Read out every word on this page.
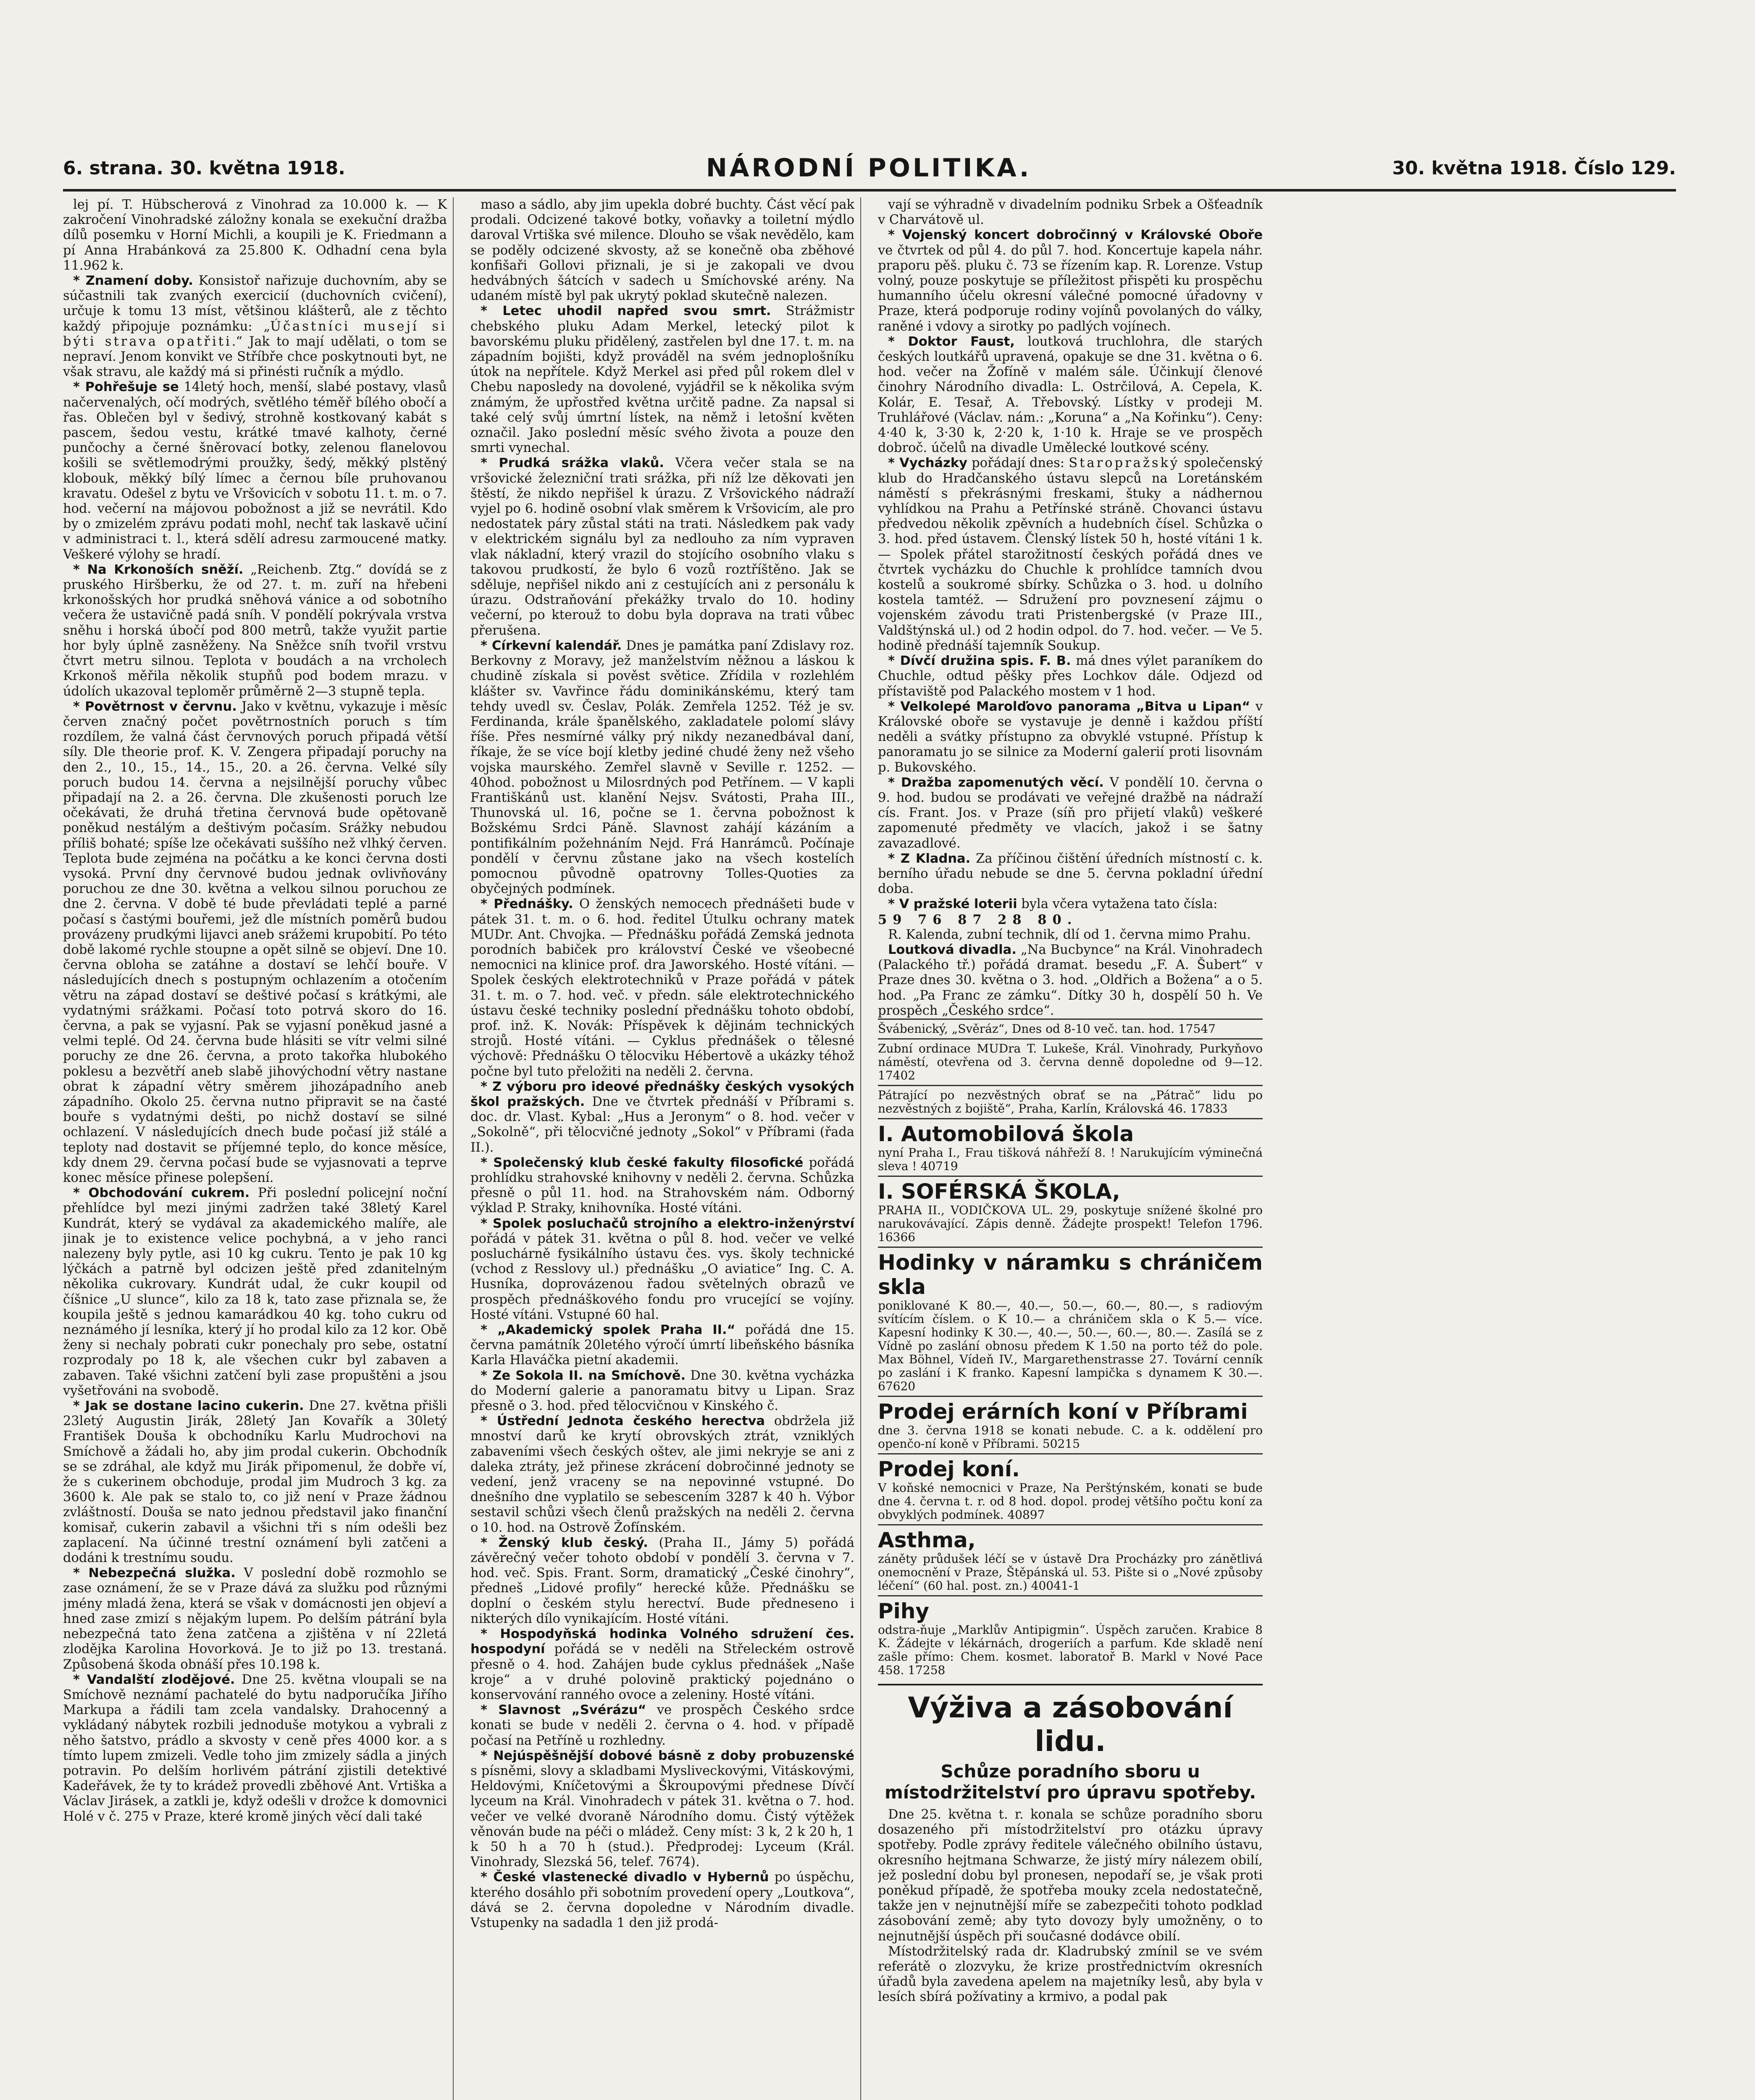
6. strana. 30. května 1918.	NÁRODNÍ POLITIKA.	30. května 1918. Číslo 129.

lej pí. T. Hübscherová z Vinohrad za 10.000 k. — K zakročení Vinohradské záložny konala se exekuční dražba dílů posemku v Horní Michli, a koupili je K. Friedmann a pí Anna Hrabánková za 25.800 K. Odhadní cena byla 11.962 k.

* Znamení doby. Konsistoř nařizuje duchovním, aby se súčastnili tak zvaných exercicií (duchovních cvičení), určuje k tomu 13 míst, většinou klášterů, ale z těchto každý připojuje poznámku: „Účastníci musejí si býti strava opatřiti.“ Jak to mají udělati, o tom se nepraví. Jenom konvikt ve Stříbře chce poskytnouti byt, ne však stravu, ale každý má si přinésti ručník a mýdlo.

* Pohřešuje se 14letý hoch, menší, slabé postavy, vlasů načervenalých, očí modrých, světlého téměř bílého obočí a řas. Oblečen byl v šedivý, strohně kostkovaný kabát s pascem, šedou vestu, krátké tmavé kalhoty, černé punčochy a černé šněrovací botky, zelenou flanelovou košili se světlemodrými proužky, šedý, měkký plstěný klobouk, měkký bílý límec a černou bíle pruhovanou kravatu. Odešel z bytu ve Vršovicích v sobotu 11. t. m. o 7. hod. večerní na májovou pobožnost a již se nevrátil. Kdo by o zmizelém zprávu podati mohl, nechť tak laskavě učiní v administraci t. l., která sdělí adresu zarmoucené matky. Veškeré výlohy se hradí.

* Na Krkonoších sněží. „Reichenb. Ztg.“ dovídá se z pruského Hiršberku, že od 27. t. m. zuří na hřebeni krkonošských hor prudká sněhová vánice a od sobotního večera že ustavičně padá sníh. V pondělí pokrývala vrstva sněhu i horská úbočí pod 800 metrů, takže využit partie hor byly úplně zasněženy. Na Sněžce sníh tvořil vrstvu čtvrt metru silnou. Teplota v boudách a na vrcholech Krkonoš měřila několik stupňů pod bodem mrazu. v údolích ukazoval teploměr průměrně 2—3 stupně tepla.

* Povětrnost v červnu. Jako v květnu, vykazuje i měsíc červen značný počet povětrnostních poruch s tím rozdílem, že valná část červnových poruch připadá větší síly. Dle theorie prof. K. V. Zengera připadají poruchy na den 2., 10., 15., 14., 15., 20. a 26. června. Velké síly poruch budou 14. června a nejsilnější poruchy vůbec připadají na 2. a 26. června. Dle zkušenosti poruch lze očekávati, že druhá třetina červnová bude opětovaně poněkud nestálým a deštivým počasím. Srážky nebudou příliš bohaté; spíše lze očekávati suššího než vlhký červen. Teplota bude zejména na počátku a ke konci června dosti vysoká. První dny červnové budou jednak ovlivňovány poruchou ze dne 30. května a velkou silnou poruchou ze dne 2. června. V době té bude převládati teplé a parné počasí s častými bouřemi, jež dle místních poměrů budou provázeny prudkými lijavci aneb srážemi krupobití. Po této době lakomé rychle stoupne a opět silně se objeví. Dne 10. června obloha se zatáhne a dostaví se lehčí bouře. V následujících dnech s postupným ochlazením a otočením větru na západ dostaví se deštivé počasí s krátkými, ale vydatnými srážkami. Počasí toto potrvá skoro do 16. června, a pak se vyjasní. Pak se vyjasní poněkud jasné a velmi teplé. Od 24. června bude hlásiti se vítr velmi silné poruchy ze dne 26. června, a proto takořka hlubokého poklesu a bezvětří aneb slabě jihovýchodní větry nastane obrat k západní větry směrem jihozápadního aneb západního. Okolo 25. června nutno připravit se na časté bouře s vydatnými dešti, po nichž dostaví se silné ochlazení. V následujících dnech bude počasí již stálé a teploty nad dostavit se příjemné teplo, do konce měsíce, kdy dnem 29. června počasí bude se vyjasnovati a teprve konec měsíce přinese polepšení.

* Obchodování cukrem. Při poslední policejní noční přehlídce byl mezi jinými zadržen také 38letý Karel Kundrát, který se vydával za akademického malíře, ale jinak je to existence velice pochybná, a v jeho ranci nalezeny byly pytle, asi 10 kg cukru. Tento je pak 10 kg lýčkách a patrně byl odcizen ještě před zdanitelným několika cukrovary. Kundrát udal, že cukr koupil od číšnice „U slunce“, kilo za 18 k, tato zase přiznala se, že koupila ještě s jednou kamarádkou 40 kg. toho cukru od neznámého jí lesníka, který jí ho prodal kilo za 12 kor. Obě ženy si nechaly pobrati cukr ponechaly pro sebe, ostatní rozprodaly po 18 k, ale všechen cukr byl zabaven a zabaven. Také všichni zatčení byli zase propuštěni a jsou vyšetřováni na svobodě.

* Jak se dostane lacino cukerin. Dne 27. května přišli 23letý Augustin Jirák, 28letý Jan Kovařík a 30letý František Douša k obchodníku Karlu Mudrochovi na Smíchově a žádali ho, aby jim prodal cukerin. Obchodník se se zdráhal, ale když mu Jirák připomenul, že dobře ví, že s cukerinem obchoduje, prodal jim Mudroch 3 kg. za 3600 k. Ale pak se stalo to, co již není v Praze žádnou zvláštností. Douša se nato jednou představil jako finanční komisař, cukerin zabavil a všichni tři s ním odešli bez zaplacení. Na účinné trestní oznámení byli zatčeni a dodáni k trestnímu soudu.

* Nebezpečná služka. V poslední době rozmohlo se zase oznámení, že se v Praze dává za služku pod různými jmény mladá žena, která se však v domácnosti jen objeví a hned zase zmizí s nějakým lupem. Po delším pátrání byla nebezpečná tato žena zatčena a zjištěna v ní 22letá zlodějka Karolina Hovorková. Je to již po 13. trestaná. Způsobená škoda obnáší přes 10.198 k.

* Vandalští zlodějové. Dne 25. května vloupali se na Smíchově neznámí pachatelé do bytu nadporučíka Jiřího Markupa a řádili tam zcela vandalsky. Drahocenný a vykládaný nábytek rozbili jednoduše motykou a vybrali z něho šatstvo, prádlo a skvosty v ceně přes 4000 kor. a s tímto lupem zmizeli. Vedle toho jim zmizely sádla a jiných potravin. Po delším horlivém pátrání zjistili detektivé Kadeřávek, že ty to krádež provedli zběhové Ant. Vrtiška a Václav Jirásek, a zatkli je, když odešli v drožce k domovnici Holé v č. 275 v Praze, které kromě jiných věcí dali také

maso a sádlo, aby jim upekla dobré buchty. Část věcí pak prodali. Odcizené takové botky, voňavky a toiletní mýdlo daroval Vrtiška své milence. Dlouho se však nevědělo, kam se poděly odcizené skvosty, až se konečně oba zběhové konfišaři Gollovi přiznali, je si je zakopali ve dvou hedvábných šátcích v sadech u Smíchovské arény. Na udaném místě byl pak ukrytý poklad skutečně nalezen.

* Letec uhodil napřed svou smrt. Strážmistr chebského pluku Adam Merkel, letecký pilot k bavorskému pluku přidělený, zastřelen byl dne 17. t. m. na západním bojišti, když prováděl na svém jednoplošníku útok na nepřítele. Když Merkel asi před půl rokem dlel v Chebu naposledy na dovolené, vyjádřil se k několika svým známým, že upřostřed května určitě padne. Za napsal si také celý svůj úmrtní lístek, na němž i letošní květen označil. Jako poslední měsíc svého života a pouze den smrti vynechal.

* Prudká srážka vlaků. Včera večer stala se na vršovické železniční trati srážka, při níž lze děkovati jen štěstí, že nikdo nepřišel k úrazu. Z Vršovického nádraží vyjel po 6. hodině osobní vlak směrem k Vršovicím, ale pro nedostatek páry zůstal státi na trati. Následkem pak vady v elektrickém signálu byl za nedlouho za ním vypraven vlak nákladní, který vrazil do stojícího osobního vlaku s takovou prudkostí, že bylo 6 vozů roztříštěno. Jak se sděluje, nepřišel nikdo ani z cestujících ani z personálu k úrazu. Odstraňování překážky trvalo do 10. hodiny večerní, po kterouž to dobu byla doprava na trati vůbec přerušena.

* Církevní kalendář. Dnes je památka paní Zdislavy roz. Berkovny z Moravy, jež manželstvím něžnou a láskou k chudině získala si pověst světice. Zřídila v rozlehlém klášter sv. Vavřince řádu dominikánskému, který tam tehdy uvedl sv. Česlav, Polák. Zemřela 1252. Též je sv. Ferdinanda, krále španělského, zakladatele polomí slávy říše. Přes nesmírné války prý nikdy nezanedbával daní, říkaje, že se více bojí kletby jediné chudé ženy než všeho vojska maurského. Zemřel slavně v Seville r. 1252. — 40hod. pobožnost u Milosrdných pod Petřínem. — V kapli Františkánů ust. klanění Nejsv. Svátosti, Praha III., Thunovská ul. 16, počne se 1. června pobožnost k Božskému Srdci Páně. Slavnost zahájí kázáním a pontifikálním požehnáním Nejd. Frá Hanrámců. Počínaje pondělí v červnu zůstane jako na všech kostelích pomocnou původně opatrovny Tolles-Quoties za obyčejných podmínek.

* Přednášky. O ženských nemocech přednášeti bude v pátek 31. t. m. o 6. hod. ředitel Útulku ochrany matek MUDr. Ant. Chvojka. — Přednášku pořádá Zemská jednota porodních babiček pro království České ve všeobecné nemocnici na klinice prof. dra Jaworského. Hosté vítáni. — Spolek českých elektrotechniků v Praze pořádá v pátek 31. t. m. o 7. hod. več. v předn. sále elektrotechnického ústavu české techniky poslední přednášku tohoto období, prof. inž. K. Novák: Příspěvek k dějinám technických strojů. Hosté vítáni. — Cyklus přednášek o tělesné výchově: Přednášku O tělocviku Hébertově a ukázky téhož počne byl tuto přeložiti na neděli 2. června.

* Z výboru pro ideové přednášky českých vysokých škol pražských. Dne ve čtvrtek přednáší v Příbrami s. doc. dr. Vlast. Kybal: „Hus a Jeronym“ o 8. hod. večer v „Sokolně“, při tělocvičné jednoty „Sokol“ v Příbrami (řada II.).

* Společenský klub české fakulty filosofické pořádá prohlídku strahovské knihovny v neděli 2. června. Schůzka přesně o půl 11. hod. na Strahovském nám. Odborný výklad P. Straky, knihovníka. Hosté vítáni.

* Spolek posluchačů strojního a elektro-inženýrství pořádá v pátek 31. května o půl 8. hod. večer ve velké posluchárně fysikálního ústavu čes. vys. školy technické (vchod z Resslovy ul.) přednášku „O aviatice“ Ing. C. A. Husníka, doprovázenou řadou světelných obrazů ve prospěch přednáškového fondu pro vrucející se vojíny. Hosté vítáni. Vstupné 60 hal.

* „Akademický spolek Praha II.“ pořádá dne 15. června památník 20letého výročí úmrtí libeňského básníka Karla Hlaváčka pietní akademii.

* Ze Sokola II. na Smíchově. Dne 30. května vycházka do Moderní galerie a panoramatu bitvy u Lipan. Sraz přesně o 3. hod. před tělocvičnou v Kinského č.

* Ústřední Jednota českého herectva obdržela již mnoství darů ke krytí obrovských ztrát, vzniklých zabaveními všech českých oštev, ale jimi nekryje se ani z daleka ztráty, jež přinese zkrácení dobročinné jednoty se vedení, jenž vraceny se na nepovinné vstupné. Do dnešního dne vyplatilo se sebescením 3287 k 40 h. Výbor sestavil schůzi všech členů pražských na neděli 2. června o 10. hod. na Ostrově Žofínském.

* Ženský klub český. (Praha II., Jámy 5) pořádá závěrečný večer tohoto období v pondělí 3. června v 7. hod. več. Spis. Frant. Sorm, dramatický „České činohry“, předneš „Lidové profily“ herecké kůže. Přednášku se doplní o českém stylu herectví. Bude předneseno i nikterých dílo vynikajícím. Hosté vítáni.

* Hospodyňská hodinka Volného sdružení čes. hospodyní pořádá se v neděli na Střeleckém ostrově přesně o 4. hod. Zahájen bude cyklus přednášek „Naše kroje“ a v druhé polovině praktický pojednáno o konservování ranného ovoce a zeleniny. Hosté vítáni.

* Slavnost „Svérázu“ ve prospěch Českého srdce konati se bude v neděli 2. června o 4. hod. v případě počasí na Petříně u rozhledny.

* Nejúspěšnější dobové básně z doby probuzenské s písněmi, slovy a skladbami Mysliveckovými, Vitáskovými, Heldovými, Kníčetovými a Škroupovými přednese Dívčí lyceum na Král. Vinohradech v pátek 31. května o 7. hod. večer ve velké dvoraně Národního domu. Čistý výtěžek věnován bude na péči o mládež. Ceny míst: 3 k, 2 k 20 h, 1 k 50 h a 70 h (stud.). Předprodej: Lyceum (Král. Vinohrady, Slezská 56, telef. 7674).

* České vlastenecké divadlo v Hybernů po úspěchu, kterého dosáhlo při sobotním provedení opery „Loutkova“, dává se 2. června dopoledne v Národním divadle. Vstupenky na sadadla 1 den již prodá-

vají se výhradně v divadelním podniku Srbek a Ošťeadník v Charvátově ul.

* Vojenský koncert dobročinný v Královské Oboře ve čtvrtek od půl 4. do půl 7. hod. Koncertuje kapela náhr. praporu pěš. pluku č. 73 se řízením kap. R. Lorenze. Vstup volný, pouze poskytuje se příležitost přispěti ku prospěchu humanního účelu okresní válečné pomocné úřadovny v Praze, která podporuje rodiny vojínů povolaných do války, raněné i vdovy a sirotky po padlých vojínech.

* Doktor Faust, loutková truchlohra, dle starých českých loutkářů upravená, opakuje se dne 31. května o 6. hod. večer na Žofíně v malém sále. Účinkují členové činohry Národního divadla: L. Ostrčilová, A. Cepela, K. Kolár, E. Tesař, A. Třebovský. Lístky v prodeji M. Truhlářové (Václav. nám.: „Koruna“ a „Na Kořinku“). Ceny: 4·40 k, 3·30 k, 2·20 k, 1·10 k. Hraje se ve prospěch dobroč. účelů na divadle Umělecké loutkové scény.

* Vycházky pořádají dnes: Staropražský společenský klub do Hradčanského ústavu slepců na Loretánském náměstí s překrásnými freskami, štuky a nádhernou vyhlídkou na Prahu a Petřínské stráně. Chovanci ústavu předvedou několik zpěvních a hudebních čísel. Schůzka o 3. hod. před ústavem. Členský lístek 50 h, hosté vítáni 1 k. — Spolek přátel starožitností českých pořádá dnes ve čtvrtek vycházku do Chuchle k prohlídce tamních dvou kostelů a soukromé sbírky. Schůzka o 3. hod. u dolního kostela tamtéž. — Sdružení pro povznesení zájmu o vojenském závodu trati Pristenbergské (v Praze III., Valdštýnská ul.) od 2 hodin odpol. do 7. hod. večer. — Ve 5. hodině přednáší tajemník Soukup.

* Dívčí družina spis. F. B. má dnes výlet paraníkem do Chuchle, odtud pěšky přes Lochkov dále. Odjezd od přístaviště pod Palackého mostem v 1 hod.

* Velkolepé Marolďovo panorama „Bitva u Lipan“ v Královské oboře se vystavuje je denně i každou příští neděli a svátky přístupno za obvyklé vstupné. Přístup k panoramatu jo se silnice za Moderní galerií proti lisovnám p. Bukovského.

* Dražba zapomenutých věcí. V pondělí 10. června o 9. hod. budou se prodávati ve veřejné dražbě na nádraží cís. Frant. Jos. v Praze (síň pro přijetí vlaků) veškeré zapomenuté předměty ve vlacích, jakož i se šatny zavazadlové.

* Z Kladna. Za příčinou čištění úředních místností c. k. berního úřadu nebude se dne 5. června pokladní úřední doba.

* V pražské loterii byla včera vytažena tato čísla:

59 76 87 28 80.

R. Kalenda, zubní technik, dlí od 1. června mimo Prahu.

Loutková divadla. „Na Bucbynce“ na Král. Vinohradech (Palackého tř.) pořádá dramat. besedu „F. A. Šubert“ v Praze dnes 30. května o 3. hod. „Oldřich a Božena“ a o 5. hod. „Pa Franc ze zámku“. Dítky 30 h, dospělí 50 h. Ve prospěch „Českého srdce“.

Švábenický, „Svěráz“, Dnes od 8-10 več. tan. hod. 17547

Zubní ordinace MUDra T. Lukeše, Král. Vinohrady, Purkyňovo náměstí, otevřena od 3. června denně dopoledne od 9—12. 17402

Pátrající po nezvěstných obrať se na „Pátrač“ lidu po nezvěstných z bojiště“, Praha, Karlín, Královská 46. 17833

I. Automobilová škola
nyní Praha I., Frau tišková náhřeží 8. ! Narukujícím výminečná sleva ! 40719

I. SOFÉRSKÁ ŠKOLA,
PRAHA II., VODIČKOVA UL. 29, poskytuje snížené školné pro narukovávající. Zápis denně. Žádejte prospekt! Telefon 1796. 16366

Hodinky v náramku s chráničem skla
poniklované K 80.—, 40.—, 50.—, 60.—, 80.—, s radiovým svítícím číslem. o K 10.— a chráničem skla o K 5.— více. Kapesní hodinky K 30.—, 40.—, 50.—, 60.—, 80.—. Zasílá se z Vídně po zaslání obnosu předem K 1.50 na porto též do pole. Max Böhnel, Vídeň IV., Margarethenstrasse 27. Tovární cenník po zaslání i K franko. Kapesní lampička s dynamem K 30.—. 67620

Prodej erárních koní v Příbrami
dne 3. června 1918 se konati nebude. C. a k. oddělení pro openčo-ní koně v Příbrami. 50215

Prodej koní.
V koňské nemocnici v Praze, Na Perštýnském, konati se bude dne 4. června t. r. od 8 hod. dopol. prodej většího počtu koní za obvyklých podmínek. 40897

Asthma,
záněty průdušek léčí se v ústavě Dra Procházky pro zánětlivá onemocnění v Praze, Štěpánská ul. 53. Pište si o „Nové způsoby léčení“ (60 hal. post. zn.) 40041-1

Pihy
odstra-ňuje „Marklův Antipigmin“. Úspěch zaručen. Krabice 8 K. Žádejte v lékárnách, drogeriích a parfum. Kde skladě není zašle přímo: Chem. kosmet. laboratoř B. Markl v Nové Pace 458. 17258

Výživa a zásobování lidu.
Schůze poradního sboru u místodržitelství pro úpravu spotřeby.

Dne 25. května t. r. konala se schůze poradního sboru dosazeného při místodržitelství pro otázku úpravy spotřeby. Podle zprávy ředitele válečného obilního ústavu, okresního hejtmana Schwarze, že jistý míry nálezem obilí, jež poslední dobu byl pronesen, nepodaří se, je však proti poněkud případě, že spotřeba mouky zcela nedostatečně, takže jen v nejnutnější míře se zabezpečiti tohoto podklad zásobování země; aby tyto dovozy byly umožněny, o to nejnutnější úspěch při současné dodávce obilí.

Místodržitelský rada dr. Kladrubský zmínil se ve svém referátě o zlozvyku, že krize prostřednictvím okresních úřadů byla zavedena apelem na majetníky lesů, aby byla v lesích sbírá požívatiny a krmivo, a podal pak
